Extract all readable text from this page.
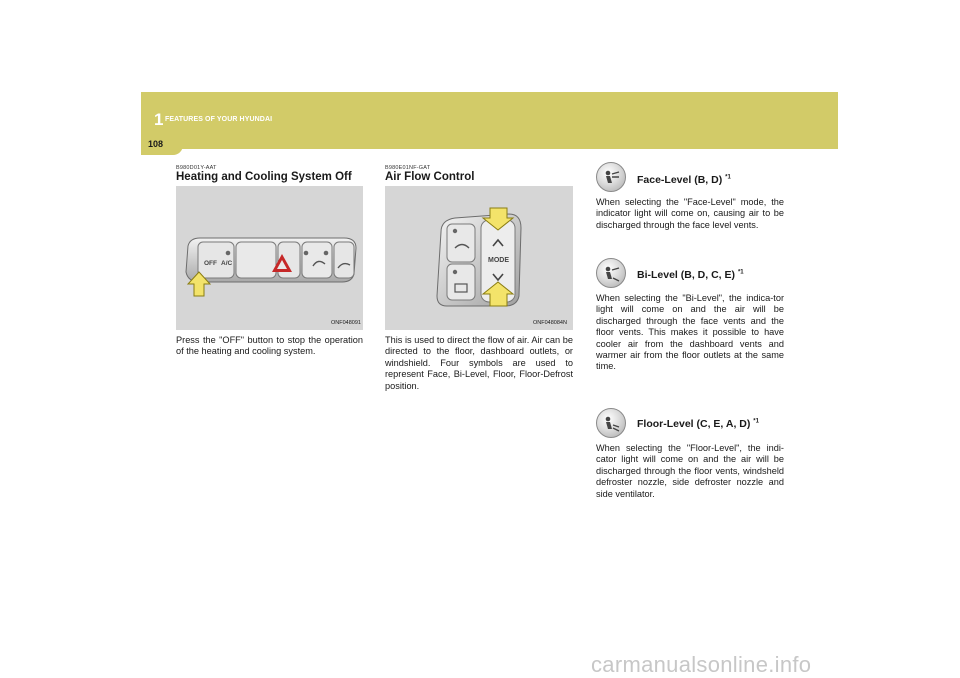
1 FEATURES OF YOUR HYUNDAI
108
B980D01Y-AAT
Heating and Cooling System Off
OFF A/C
ONF048091
Press the "OFF" button to stop the operation of the heating and cooling system.
B980E01NF-GAT
Air Flow Control
MODE
ONF048084N
This is used to direct the flow of air. Air can be directed to the floor, dashboard outlets, or windshield. Four symbols are used to represent Face, Bi-Level, Floor, Floor-Defrost position.
Face-Level (B, D) $^{*1}$
When selecting the "Face-Level" mode, the indicator light will come on, causing air to be discharged through the face level vents.
Bi-Level (B, D, C, E) $^{*1}$
When selecting the "Bi-Level", the indica-tor light will come on and the air will be discharged through the face vents and the floor vents. This makes it possible to have cooler air from the dashboard vents and warmer air from the floor outlets at the same time.
Floor-Level (C, E, A, D) $^{*1}$
When selecting the "Floor-Level", the indi-cator light will come on and the air will be discharged through the floor vents, windsheld defroster nozzle, side defroster nozzle and side ventilator.
carmanualsonline.info
